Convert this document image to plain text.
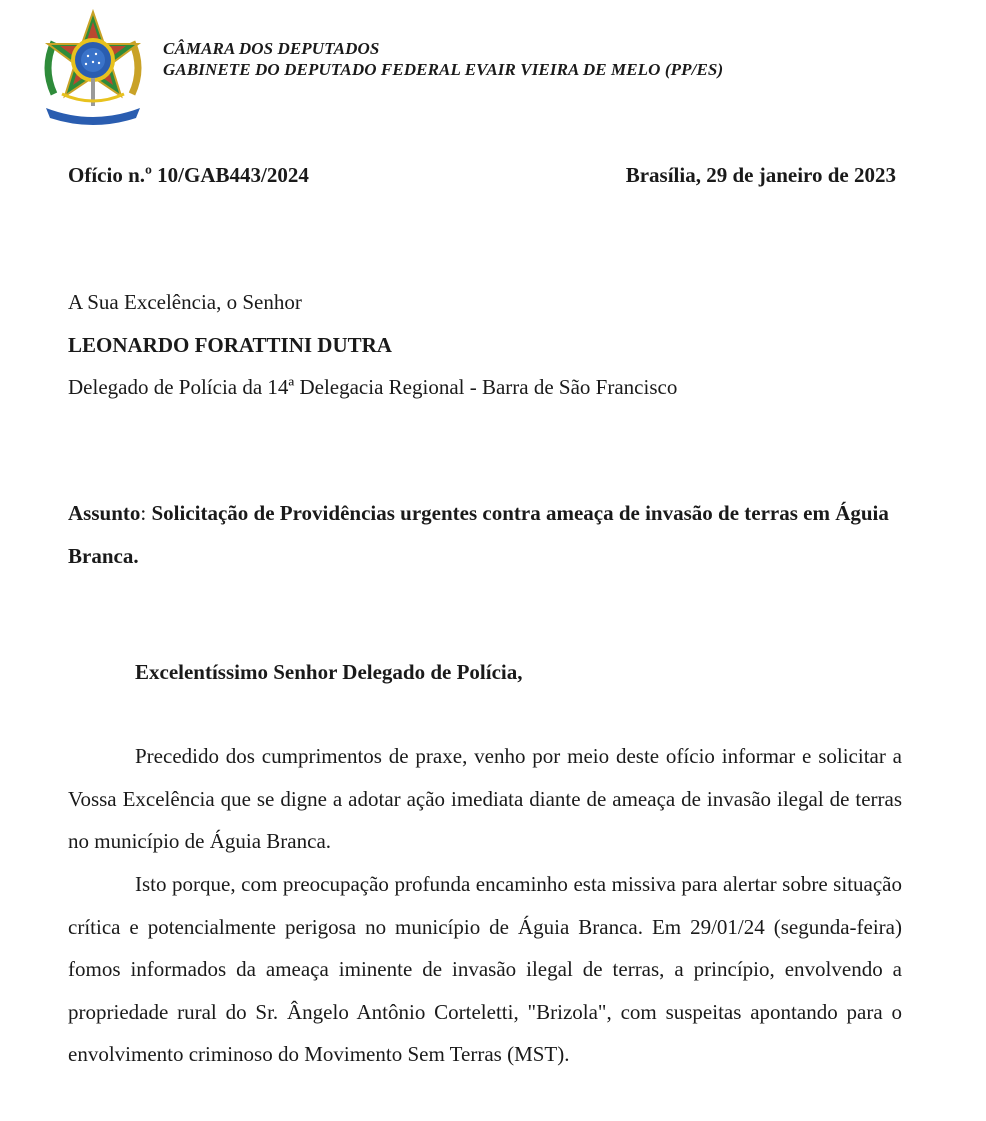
CÂMARA DOS DEPUTADOS
GABINETE DO DEPUTADO FEDERAL EVAIR VIEIRA DE MELO (PP/ES)
Ofício n.º 10/GAB443/2024	Brasília, 29 de janeiro de 2023
A Sua Excelência, o Senhor
LEONARDO FORATTINI DUTRA
Delegado de Polícia da 14ª Delegacia Regional - Barra de São Francisco
Assunto: Solicitação de Providências urgentes contra ameaça de invasão de terras em Águia Branca.
Excelentíssimo Senhor Delegado de Polícia,

Precedido dos cumprimentos de praxe, venho por meio deste ofício informar e solicitar a Vossa Excelência que se digne a adotar ação imediata diante de ameaça de invasão ilegal de terras no município de Águia Branca.

Isto porque, com preocupação profunda encaminho esta missiva para alertar sobre situação crítica e potencialmente perigosa no município de Águia Branca. Em 29/01/24 (segunda-feira) fomos informados da ameaça iminente de invasão ilegal de terras, a princípio, envolvendo a propriedade rural do Sr. Ângelo Antônio Corteletti, "Brizola", com suspeitas apontando para o envolvimento criminoso do Movimento Sem Terras (MST).
